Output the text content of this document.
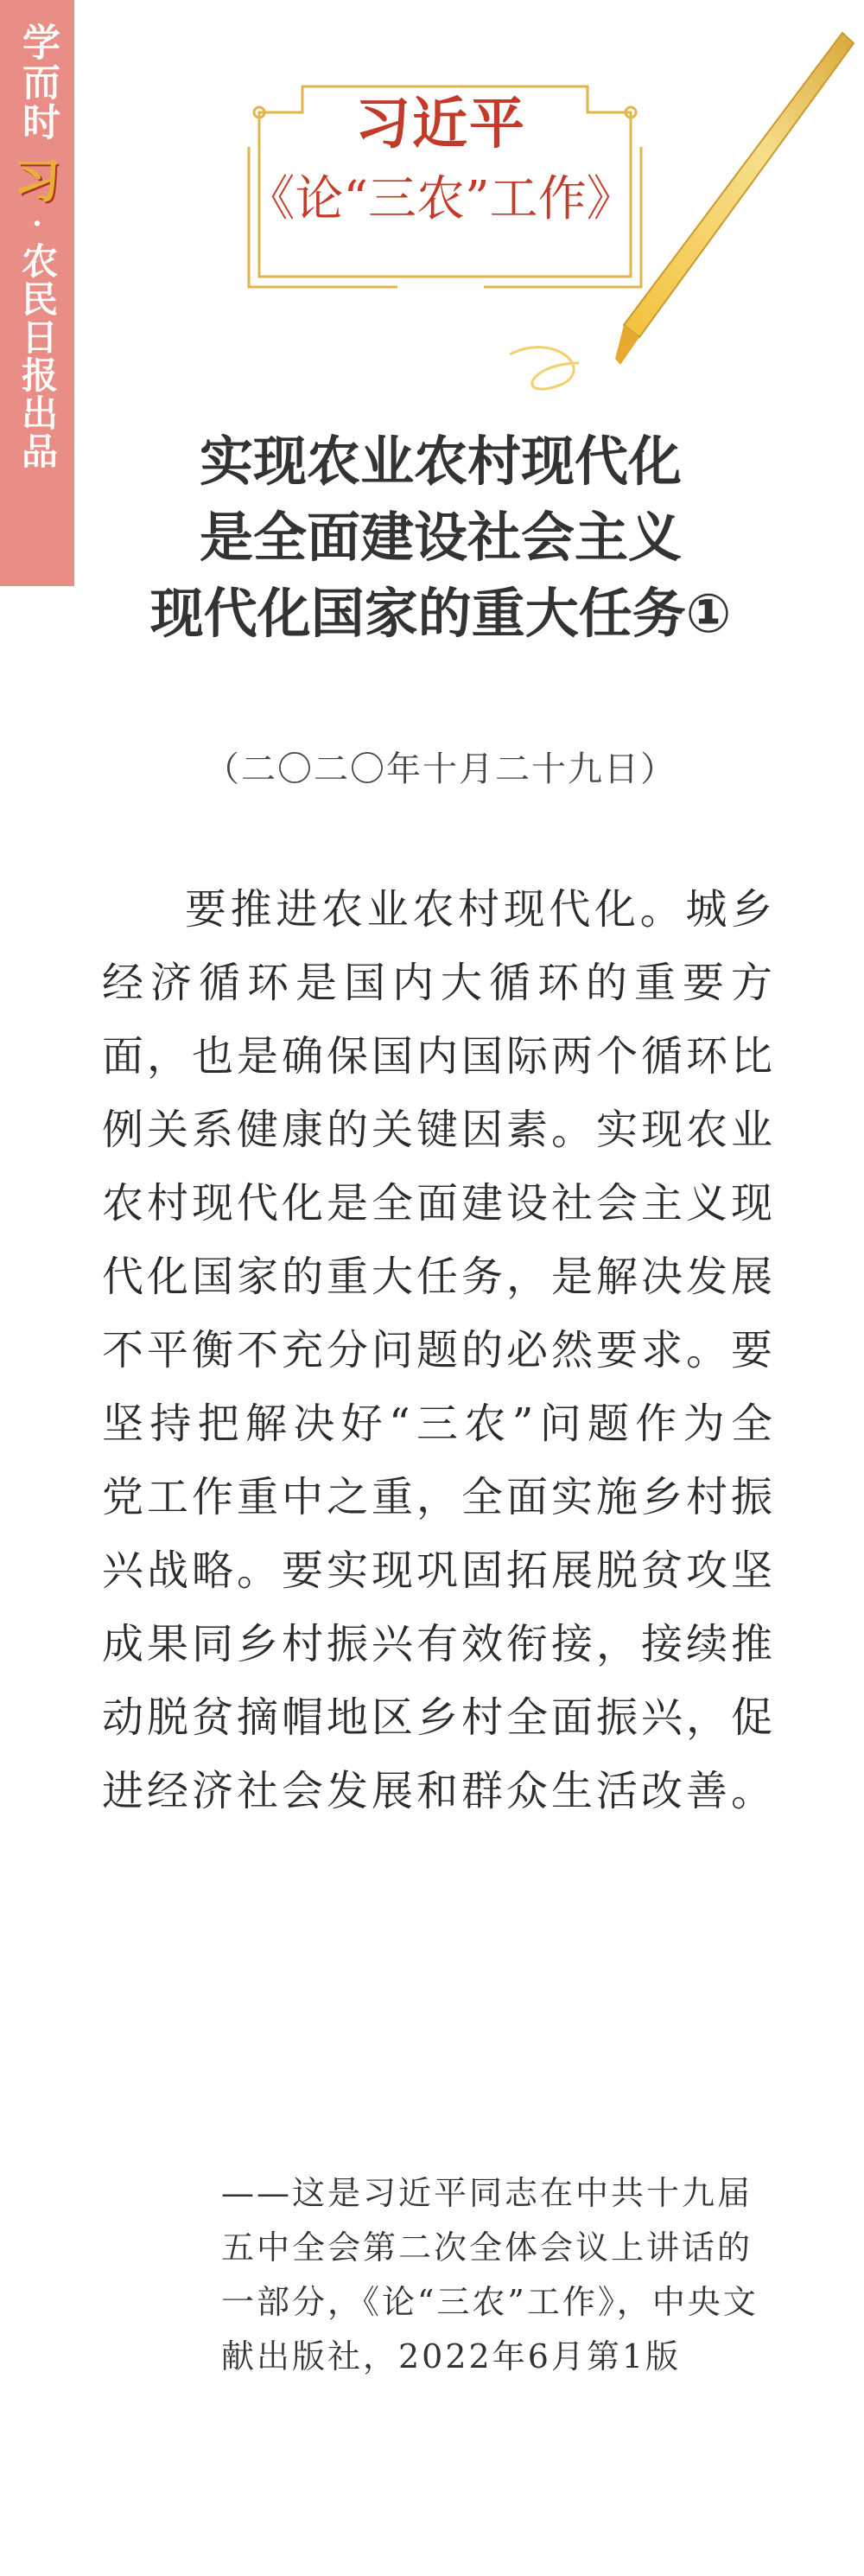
学而时
习
·
农民日报出品
习近平
《论“三农”工作》
实现农业农村现代化
是全面建设社会主义
现代化国家的重大任务①
（二〇二〇年十月二十九日）
要推进农业农村现代化。城乡经济循环是国内大循环的重要方面，也是确保国内国际两个循环比例关系健康的关键因素。实现农业农村现代化是全面建设社会主义现代化国家的重大任务，是解决发展不平衡不充分问题的必然要求。要坚持把解决好“三农”问题作为全党工作重中之重，全面实施乡村振兴战略。要实现巩固拓展脱贫攻坚成果同乡村振兴有效衔接，接续推动脱贫摘帽地区乡村全面振兴，促进经济社会发展和群众生活改善。
——这是习近平同志在中共十九届五中全会第二次全体会议上讲话的一部分，《论“三农”工作》，中央文献出版社，2022年6月第1版
